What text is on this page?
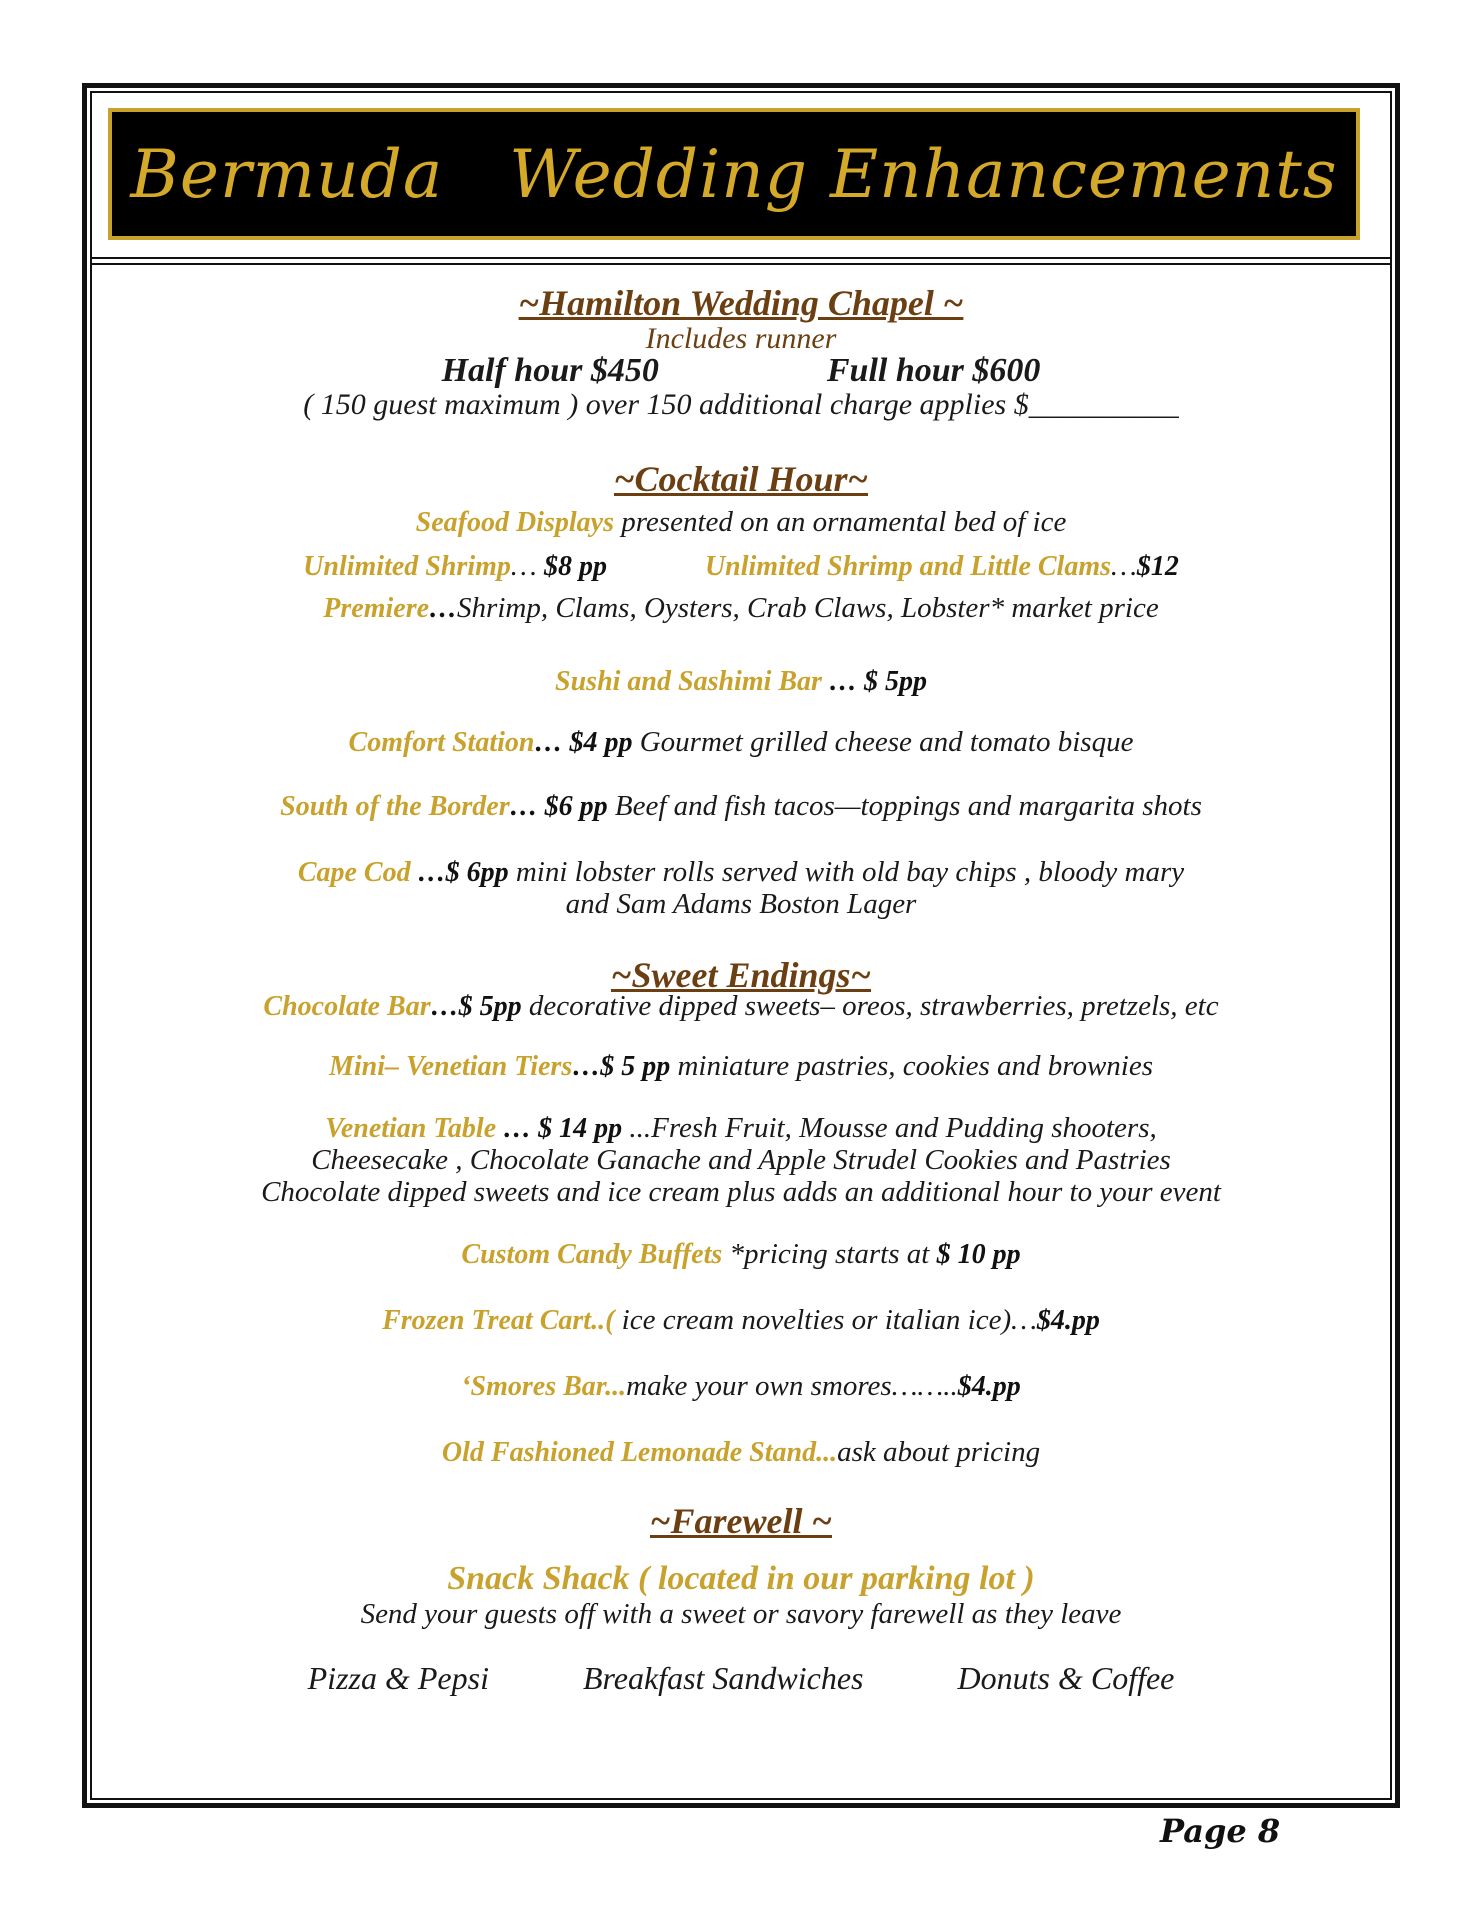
Bermuda   Wedding Enhancements
~Hamilton Wedding Chapel ~
Includes runner
Half hour $450	Full hour $600
( 150 guest maximum ) over 150 additional charge applies $__________
~Cocktail Hour~
Seafood Displays presented on an ornamental bed of ice
Unlimited Shrimp… $8 pp	Unlimited Shrimp and Little Clams…$12
Premiere…Shrimp, Clams, Oysters, Crab Claws, Lobster* market price
Sushi and Sashimi Bar … $ 5pp
Comfort Station… $4 pp Gourmet grilled cheese and tomato bisque
South of the Border… $6 pp Beef and fish tacos—toppings and margarita shots
Cape Cod …$ 6pp mini lobster rolls served with old bay chips , bloody mary
and Sam Adams Boston Lager
~Sweet Endings~
Chocolate Bar…$ 5pp decorative dipped sweets– oreos, strawberries, pretzels, etc
Mini– Venetian Tiers…$ 5 pp miniature pastries, cookies and brownies
Venetian Table … $ 14 pp ...Fresh Fruit, Mousse and Pudding shooters,
Cheesecake , Chocolate Ganache and Apple Strudel Cookies and Pastries
Chocolate dipped sweets and ice cream plus adds an additional hour to your event
Custom Candy Buffets *pricing starts at $ 10 pp
Frozen Treat Cart..( ice cream novelties or italian ice)…$4.pp
‘Smores Bar...make your own smores……..$4.pp
Old Fashioned Lemonade Stand...ask about pricing
~Farewell ~
Snack Shack ( located in our parking lot )
Send your guests off with a sweet or savory farewell as they leave
Pizza & Pepsi	Breakfast Sandwiches	Donuts & Coffee
Page 8
